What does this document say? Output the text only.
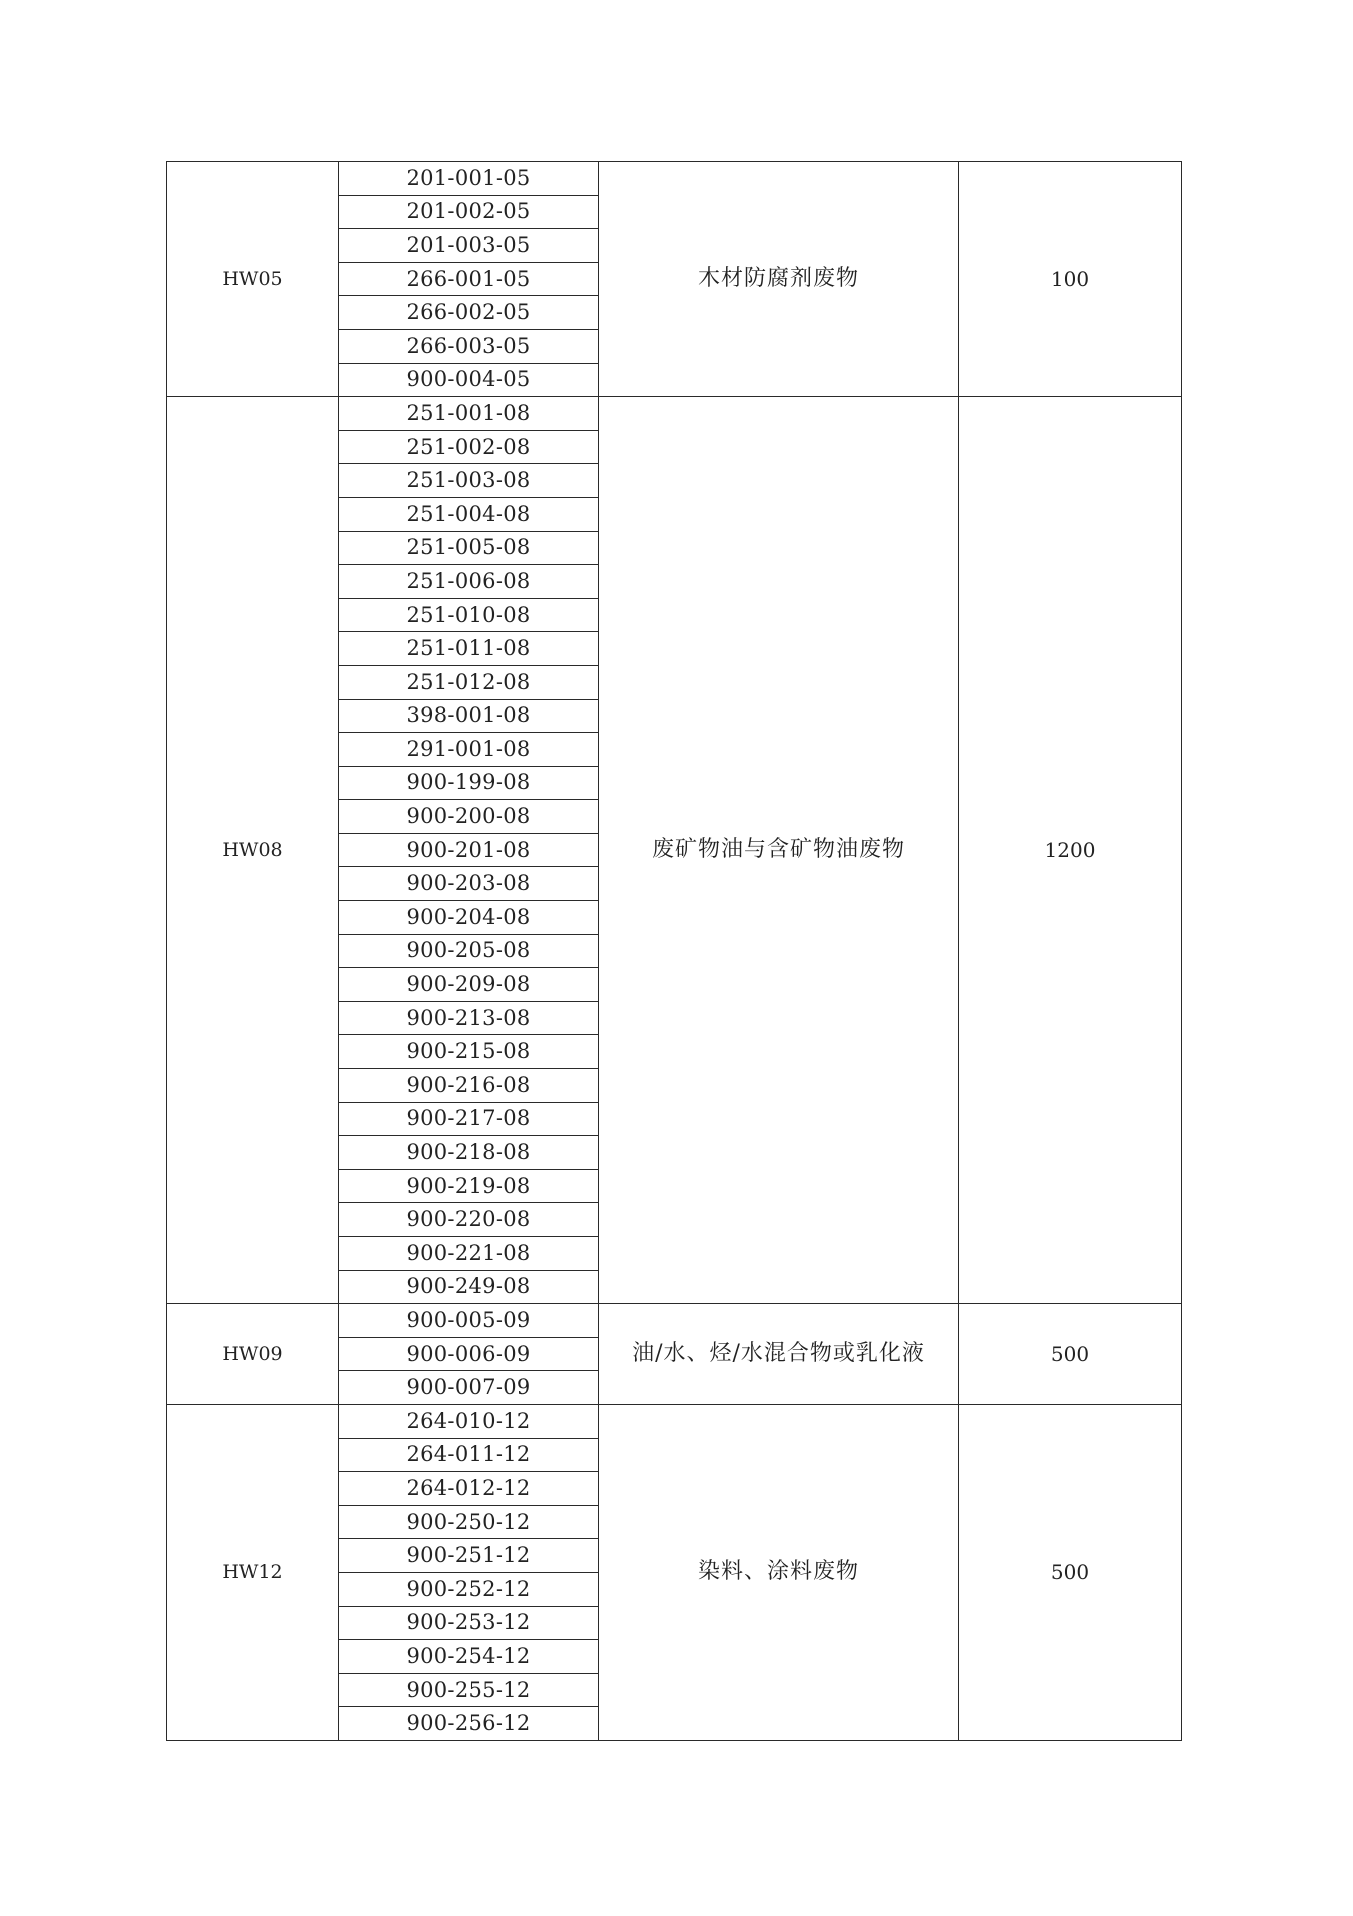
HW05	201-001-05	木材防腐剂废物	100
	201-002-05		
	201-003-05		
	266-001-05		
	266-002-05		
	266-003-05		
	900-004-05		
HW08	251-001-08	废矿物油与含矿物油废物	1200
	251-002-08		
	251-003-08		
	251-004-08		
	251-005-08		
	251-006-08		
	251-010-08		
	251-011-08		
	251-012-08		
	398-001-08		
	291-001-08		
	900-199-08		
	900-200-08		
	900-201-08		
	900-203-08		
	900-204-08		
	900-205-08		
	900-209-08		
	900-213-08		
	900-215-08		
	900-216-08		
	900-217-08		
	900-218-08		
	900-219-08		
	900-220-08		
	900-221-08		
	900-249-08		
HW09	900-005-09	油/水、烃/水混合物或乳化液	500
	900-006-09		
	900-007-09		
HW12	264-010-12	染料、涂料废物	500
	264-011-12		
	264-012-12		
	900-250-12		
	900-251-12		
	900-252-12		
	900-253-12		
	900-254-12		
	900-255-12		
	900-256-12		
